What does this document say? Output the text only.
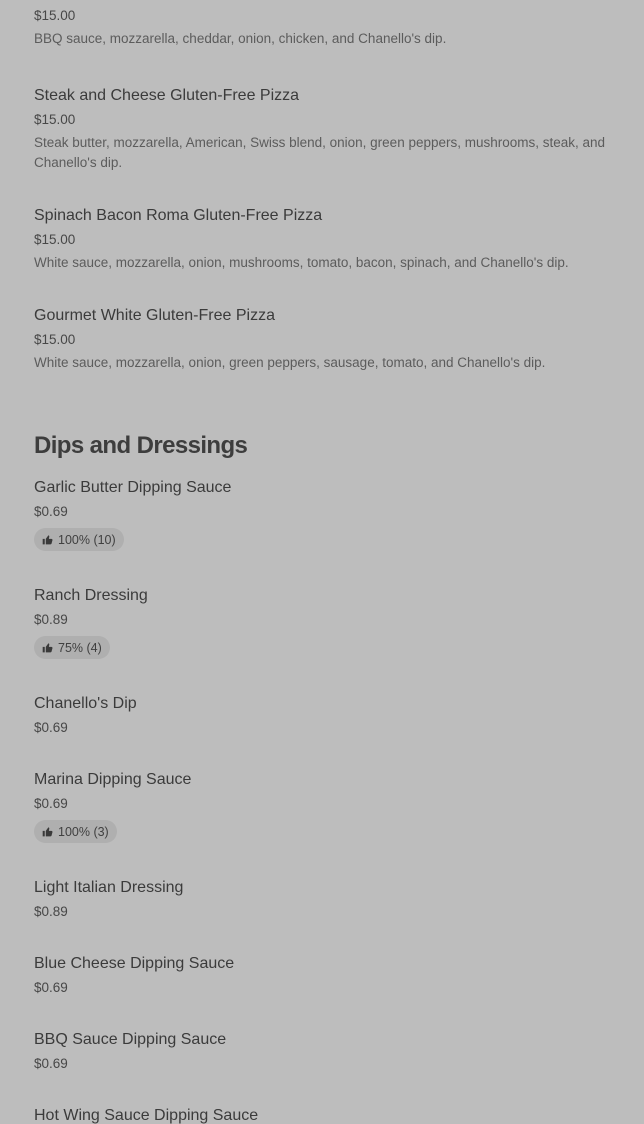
$15.00
BBQ sauce, mozzarella, cheddar, onion, chicken, and Chanello's dip.
Steak and Cheese Gluten-Free Pizza
$15.00
Steak butter, mozzarella, American, Swiss blend, onion, green peppers, mushrooms, steak, and Chanello's dip.
Spinach Bacon Roma Gluten-Free Pizza
$15.00
White sauce, mozzarella, onion, mushrooms, tomato, bacon, spinach, and Chanello's dip.
Gourmet White Gluten-Free Pizza
$15.00
White sauce, mozzarella, onion, green peppers, sausage, tomato, and Chanello's dip.
Dips and Dressings
Garlic Butter Dipping Sauce
$0.69
100% (10)
Ranch Dressing
$0.89
75% (4)
Chanello's Dip
$0.69
Marina Dipping Sauce
$0.69
100% (3)
Light Italian Dressing
$0.89
Blue Cheese Dipping Sauce
$0.69
BBQ Sauce Dipping Sauce
$0.69
Hot Wing Sauce Dipping Sauce
